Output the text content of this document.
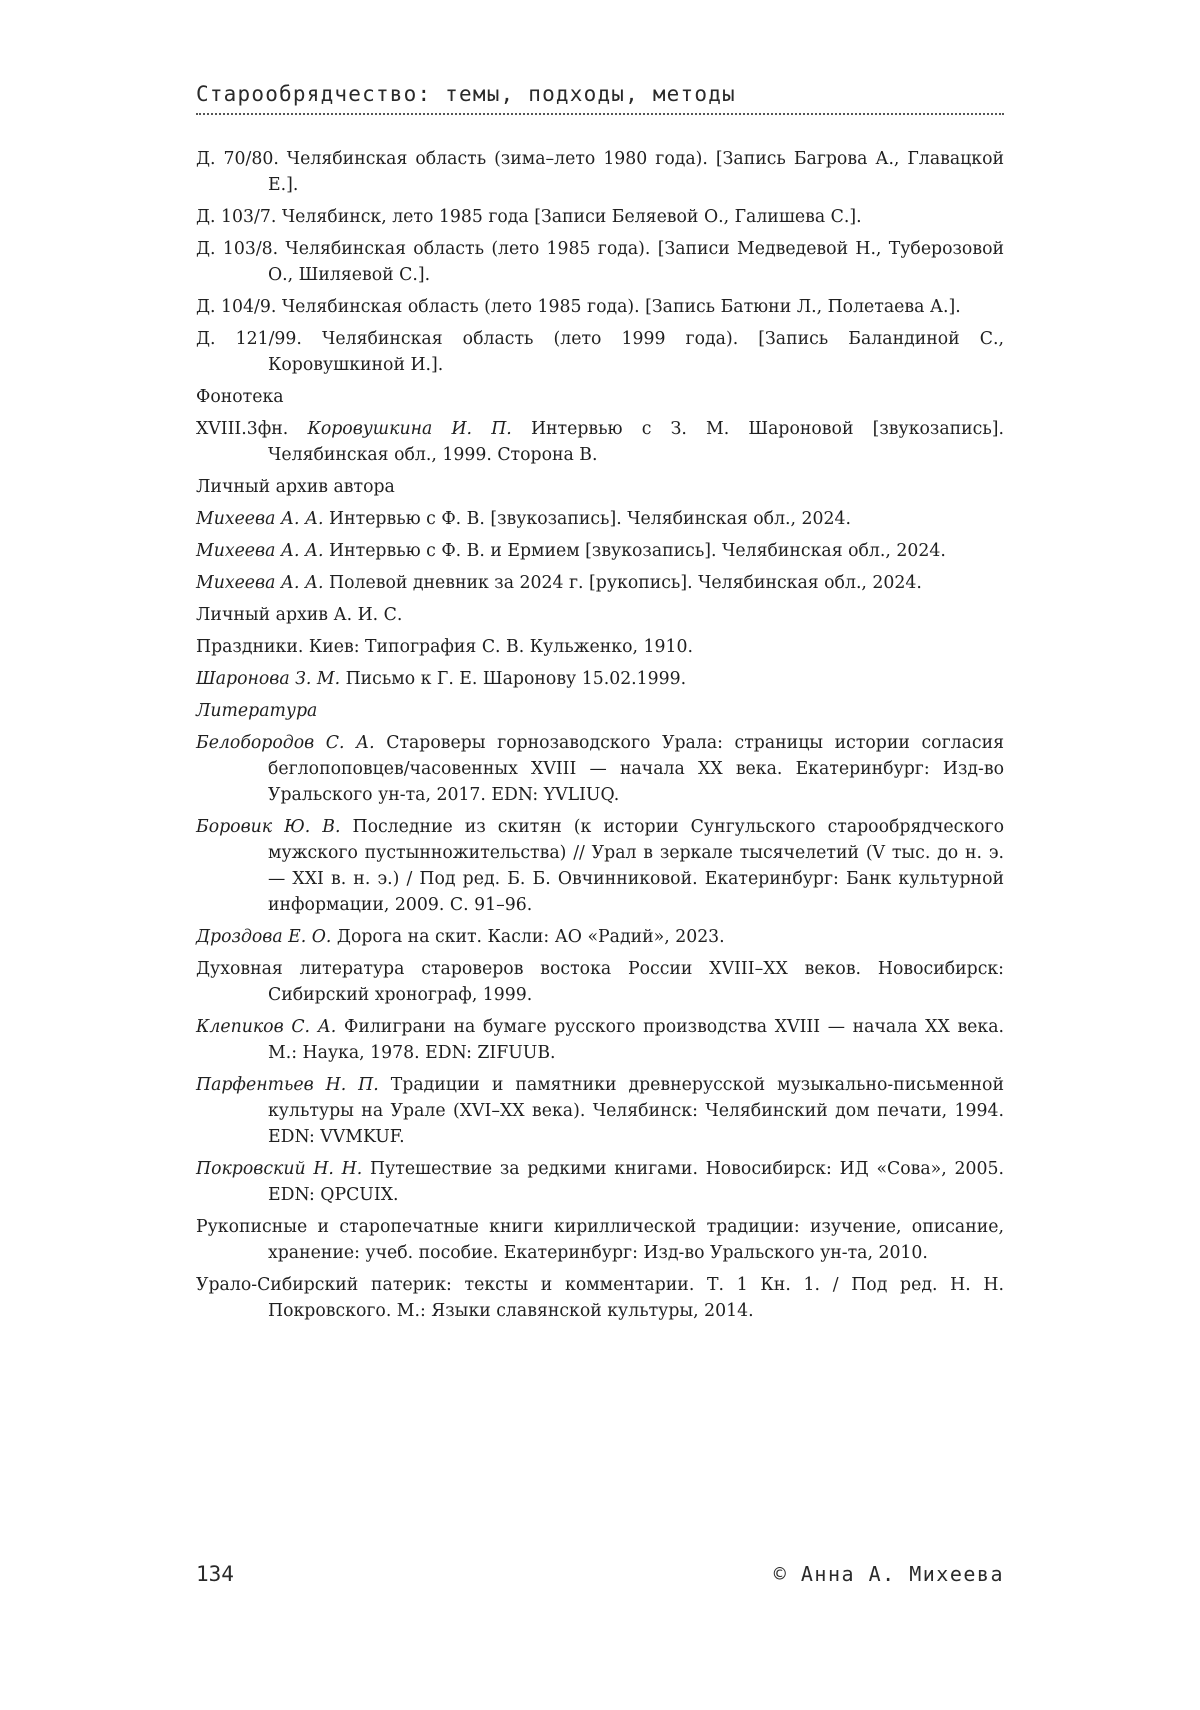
Старообрядчество: темы, подходы, методы

Д. 70/80. Челябинская область (зима–лето 1980 года). [Запись Багрова А., Главацкой Е.].

Д. 103/7. Челябинск, лето 1985 года [Записи Беляевой О., Галишева С.].

Д. 103/8. Челябинская область (лето 1985 года). [Записи Медведевой Н., Туберозовой О., Шиляевой С.].

Д. 104/9. Челябинская область (лето 1985 года). [Запись Батюни Л., Полетаева А.].

Д. 121/99. Челябинская область (лето 1999 года). [Запись Баландиной С., Коровушкиной И.].

Фонотека

XVIII.3фн. Коровушкина И. П. Интервью с З. М. Шароновой [звукозапись]. Челябинская обл., 1999. Сторона B.

Личный архив автора

Михеева А. А. Интервью с Ф. В. [звукозапись]. Челябинская обл., 2024.

Михеева А. А. Интервью с Ф. В. и Ермием [звукозапись]. Челябинская обл., 2024.

Михеева А. А. Полевой дневник за 2024 г. [рукопись]. Челябинская обл., 2024.

Личный архив А. И. С.

Праздники. Киев: Типография С. В. Кульженко, 1910.

Шаронова З. М. Письмо к Г. Е. Шаронову 15.02.1999.

Литература

Белобородов С. А. Староверы горнозаводского Урала: страницы истории согласия беглопоповцев/часовенных XVIII — начала XX века. Екатеринбург: Изд-во Уральского ун-та, 2017. EDN: YVLIUQ.

Боровик Ю. В. Последние из скитян (к истории Сунгульского старообрядческого мужского пустынножительства) // Урал в зеркале тысячелетий (V тыс. до н. э. — XXI в. н. э.) / Под ред. Б. Б. Овчинниковой. Екатеринбург: Банк культурной информации, 2009. С. 91–96.

Дроздова Е. О. Дорога на скит. Касли: АО «Радий», 2023.

Духовная литература староверов востока России XVIII–XX веков. Новосибирск: Сибирский хронограф, 1999.

Клепиков С. А. Филиграни на бумаге русского производства XVIII — начала XX века. М.: Наука, 1978. EDN: ZIFUUB.

Парфентьев Н. П. Традиции и памятники древнерусской музыкально-письменной культуры на Урале (XVI–XX века). Челябинск: Челябинский дом печати, 1994. EDN: VVMKUF.

Покровский Н. Н. Путешествие за редкими книгами. Новосибирск: ИД «Сова», 2005. EDN: QPCUIX.

Рукописные и старопечатные книги кириллической традиции: изучение, описание, хранение: учеб. пособие. Екатеринбург: Изд-во Уральского ун-та, 2010.

Урало-Сибирский патерик: тексты и комментарии. Т. 1 Кн. 1. / Под ред. Н. Н. Покровского. М.: Языки славянской культуры, 2014.

134	© Анна А. Михеева
